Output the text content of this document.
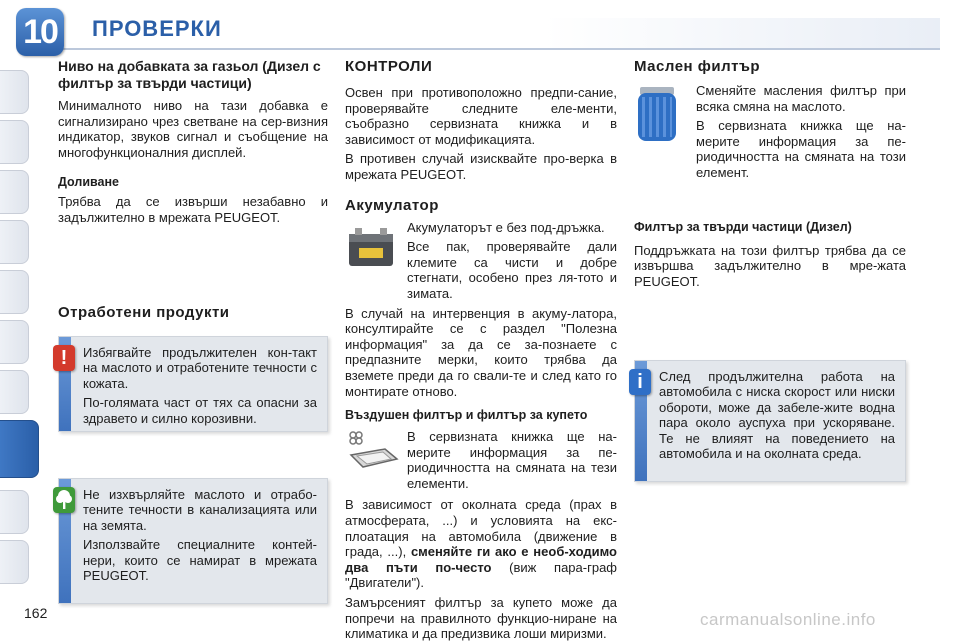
10	ПРОВЕРКИ
Ниво на добавката за газьол (Дизел с филтър за твърди частици)

Минималното ниво на тази добавка е сигнализирано чрез светване на сер-визния индикатор, звуков сигнал и съобщение на многофункционалния дисплей.

Доливане

Трябва да се извърши незабавно и задължително в мрежата PEUGEOT.

Отработени продукти
!	Избягвайте продължителен кон-такт на маслото и отработените течности с кожата.

По-голямата част от тях са опасни за здравето и силно корозивни.

Не изхвърляйте маслото и отрабо-тените течности в канализацията или на земята.

Използвайте специалните контей-нери, които се намират в мрежата PEUGEOT.

КОНТРОЛИ

Освен при противоположно предпи-сание, проверявайте следните еле-менти, съобразно сервизната книжка и в зависимост от модификацията.

В противен случай изисквайте про-верка в мрежата PEUGEOT.

Акумулатор

Акумулаторът е без под-дръжка.

Все пак, проверявайте дали клемите са чисти и добре стегнати, особено през ля-тото и зимата.

В случай на интервенция в акуму-латора, консултирайте се с раздел "Полезна информация" за да се за-познаете с предпазните мерки, които трябва да вземете преди да го свали-те и след като го монтирате отново.

Въздушен филтър и филтър за купето

В сервизната книжка ще на-мерите информация за пе-риодичността на смяната на тези елементи.

В зависимост от околната среда (прах в атмосферата, ...) и условията на екс-плоатация на автомобила (движение в града, ...), сменяйте ги ако е необ-ходимо два пъти по-често (виж пара-граф "Двигатели").

Замърсеният филтър за купето може да попречи на правилното функцио-ниране на климатика и да предизвика лоши миризми.

Маслен филтър

Сменяйте масления филтър при всяка смяна на маслото.

В сервизната книжка ще на-мерите информация за пе-риодичността на смяната на този елемент.

Филтър за твърди частици (Дизел)

Поддръжката на този филтър трябва да се извършва задължително в мре-жата PEUGEOT.

i	След продължителна работа на автомобила с ниска скорост или ниски обороти, може да забеле-жите водна пара около ауспуха при ускоряване. Те не влияят на поведението на автомобила и на околната среда.

162	carmanualsonline.info
